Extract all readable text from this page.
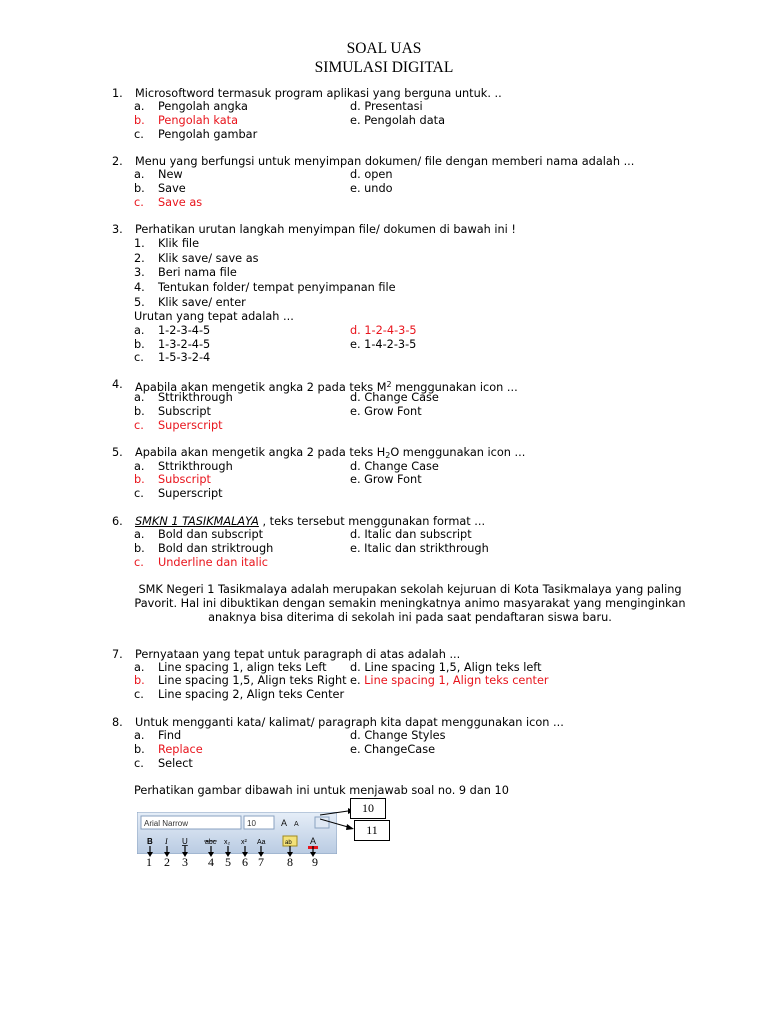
SOAL UAS
SIMULASI DIGITAL
1. Microsoftword termasuk program aplikasi yang berguna untuk. ..
a. Pengolah angka	d. Presentasi
b. Pengolah kata	e. Pengolah data
c. Pengolah gambar
2. Menu yang berfungsi untuk menyimpan dokumen/ file dengan memberi nama adalah ...
a. New	d. open
b. Save	e. undo
c. Save as
3. Perhatikan urutan langkah menyimpan file/ dokumen di bawah ini !
1. Klik file
2. Klik save/ save as
3. Beri nama file
4. Tentukan folder/ tempat penyimpanan file
5. Klik save/ enter
Urutan yang tepat adalah ...
a. 1-2-3-4-5	d. 1-2-4-3-5
b. 1-3-2-4-5	e. 1-4-2-3-5
c. 1-5-3-2-4
4. Apabila akan mengetik angka 2 pada teks $M^2$ menggunakan icon ...
a. Sttrikthrough	d. Change Case
b. Subscript	e. Grow Font
c. Superscript
5. Apabila akan mengetik angka 2 pada teks $H_2O$ menggunakan icon ...
a. Sttrikthrough	d. Change Case
b. Subscript	e. Grow Font
c. Superscript
6. SMKN 1 TASIKMALAYA , teks tersebut menggunakan format ...
a. Bold dan subscript	d. Italic dan subscript
b. Bold dan striktrough	e. Italic dan strikthrough
c. Underline dan italic
SMK Negeri 1 Tasikmalaya adalah merupakan sekolah kejuruan di Kota Tasikmalaya yang paling
Pavorit. Hal ini dibuktikan dengan semakin meningkatnya animo masyarakat yang menginginkan
anaknya bisa diterima di sekolah ini pada saat pendaftaran siswa baru.
7. Pernyataan yang tepat untuk paragraph di atas adalah ...
a. Line spacing 1, align teks Left d. Line spacing 1,5, Align teks left
b. Line spacing 1,5, Align teks Right e. Line spacing 1, Align teks center
c. Line spacing 2, Align teks Center
8. Untuk mengganti kata/ kalimat/ paragraph kita dapat menggunakan icon ...
a. Find	d. Change Styles
b. Replace	e. ChangeCase
c. Select
Perhatikan gambar dibawah ini untuk menjawab soal no. 9 dan 10
Arial Narrow	10	A A
B I U abc x₂ x² Aa	ab A
10
11
1 2 3 4 5 6 7 8 9
